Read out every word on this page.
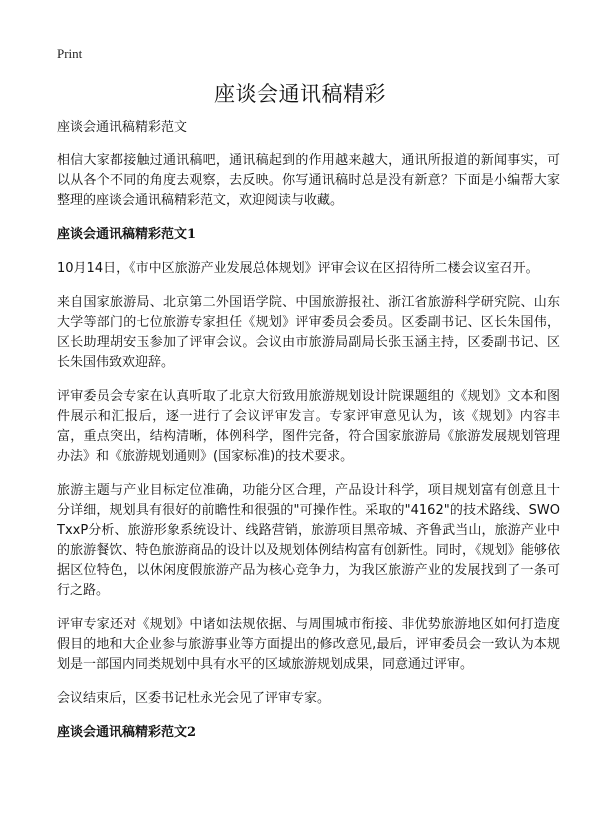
Print
座谈会通讯稿精彩

座谈会通讯稿精彩范文

相信大家都接触过通讯稿吧，通讯稿起到的作用越来越大，通讯所报道的新闻事实，可以从各个不同的角度去观察，去反映。你写通讯稿时总是没有新意？下面是小编帮大家整理的座谈会通讯稿精彩范文，欢迎阅读与收藏。

座谈会通讯稿精彩范文1

10月14日，《市中区旅游产业发展总体规划》评审会议在区招待所二楼会议室召开。

来自国家旅游局、北京第二外国语学院、中国旅游报社、浙江省旅游科学研究院、山东大学等部门的七位旅游专家担任《规划》评审委员会委员。区委副书记、区长朱国伟，区长助理胡安玉参加了评审会议。会议由市旅游局副局长张玉涵主持，区委副书记、区长朱国伟致欢迎辞。

评审委员会专家在认真听取了北京大衍致用旅游规划设计院课题组的《规划》文本和图件展示和汇报后，逐一进行了会议评审发言。专家评审意见认为，该《规划》内容丰富，重点突出，结构清晰，体例科学，图件完备，符合国家旅游局《旅游发展规划管理办法》和《旅游规划通则》(国家标准)的技术要求。

旅游主题与产业目标定位准确，功能分区合理，产品设计科学，项目规划富有创意且十分详细，规划具有很好的前瞻性和很强的"可操作性。采取的"4162"的技术路线、SWOTxxP分析、旅游形象系统设计、线路营销，旅游项目黑帝城、齐鲁武当山，旅游产业中的旅游餐饮、特色旅游商品的设计以及规划体例结构富有创新性。同时，《规划》能够依据区位特色，以休闲度假旅游产品为核心竞争力，为我区旅游产业的发展找到了一条可行之路。

评审专家还对《规划》中诸如法规依据、与周围城市衔接、非优势旅游地区如何打造度假目的地和大企业参与旅游事业等方面提出的修改意见,最后，评审委员会一致认为本规划是一部国内同类规划中具有水平的区域旅游规划成果，同意通过评审。

会议结束后，区委书记杜永光会见了评审专家。

座谈会通讯稿精彩范文2
